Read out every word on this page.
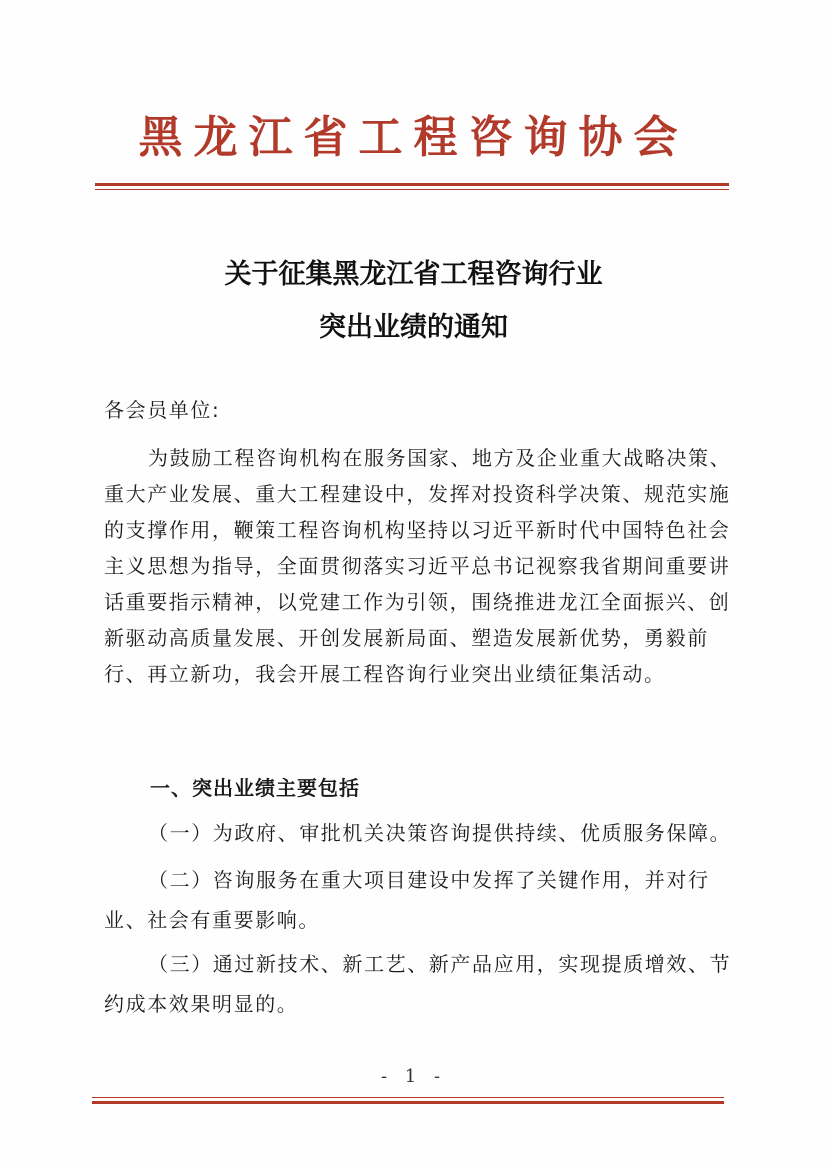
黑龙江省工程咨询协会
关于征集黑龙江省工程咨询行业
突出业绩的通知
各会员单位:
为鼓励工程咨询机构在服务国家、地方及企业重大战略决策、重大产业发展、重大工程建设中，发挥对投资科学决策、规范实施的支撑作用，鞭策工程咨询机构坚持以习近平新时代中国特色社会主义思想为指导，全面贯彻落实习近平总书记视察我省期间重要讲话重要指示精神，以党建工作为引领，围绕推进龙江全面振兴、创新驱动高质量发展、开创发展新局面、塑造发展新优势，勇毅前行、再立新功，我会开展工程咨询行业突出业绩征集活动。
一、突出业绩主要包括
（一）为政府、审批机关决策咨询提供持续、优质服务保障。
（二）咨询服务在重大项目建设中发挥了关键作用，并对行业、社会有重要影响。
（三）通过新技术、新工艺、新产品应用，实现提质增效、节约成本效果明显的。
- 1 -
